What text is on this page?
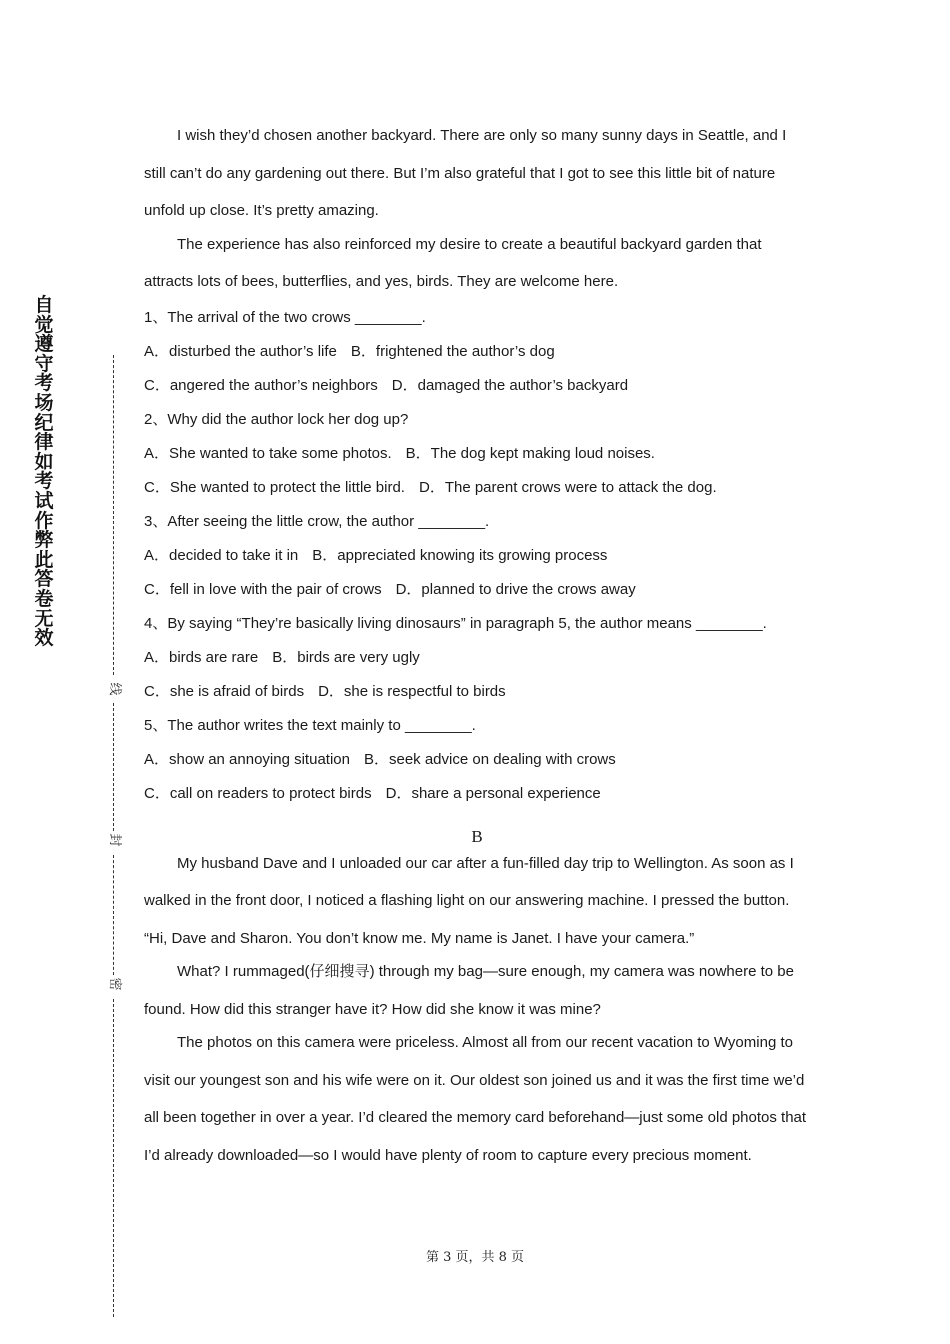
自觉遵守考场纪律如考试作弊此答卷无效
线
封
密

I wish they’d chosen another backyard. There are only so many sunny days in Seattle, and I still can’t do any gardening out there. But I’m also grateful that I got to see this little bit of nature unfold up close. It’s pretty amazing.

The experience has also reinforced my desire to create a beautiful backyard garden that attracts lots of bees, butterflies, and yes, birds. They are welcome here.

1、The arrival of the two crows ________.
A．disturbed the author’s life B．frightened the author’s dog
C．angered the author’s neighbors D．damaged the author’s backyard
2、Why did the author lock her dog up?
A．She wanted to take some photos. B．The dog kept making loud noises.
C．She wanted to protect the little bird. D．The parent crows were to attack the dog.
3、After seeing the little crow, the author ________.
A．decided to take it in B．appreciated knowing its growing process
C．fell in love with the pair of crows D．planned to drive the crows away
4、By saying “They’re basically living dinosaurs” in paragraph 5, the author means ________.
A．birds are rare B．birds are very ugly
C．she is afraid of birds D．she is respectful to birds
5、The author writes the text mainly to ________.
A．show an annoying situation B．seek advice on dealing with crows
C．call on readers to protect birds D．share a personal experience
B

My husband Dave and I unloaded our car after a fun-filled day trip to Wellington. As soon as I walked in the front door, I noticed a flashing light on our answering machine. I pressed the button. “Hi, Dave and Sharon. You don’t know me. My name is Janet. I have your camera.”

What? I rummaged(仔细搜寻) through my bag—sure enough, my camera was nowhere to be found. How did this stranger have it? How did she know it was mine?

The photos on this camera were priceless. Almost all from our recent vacation to Wyoming to visit our youngest son and his wife were on it. Our oldest son joined us and it was the first time we’d all been together in over a year. I’d cleared the memory card beforehand—just some old photos that I’d already downloaded—so I would have plenty of room to capture every precious moment.

第 3 页，共 8 页
